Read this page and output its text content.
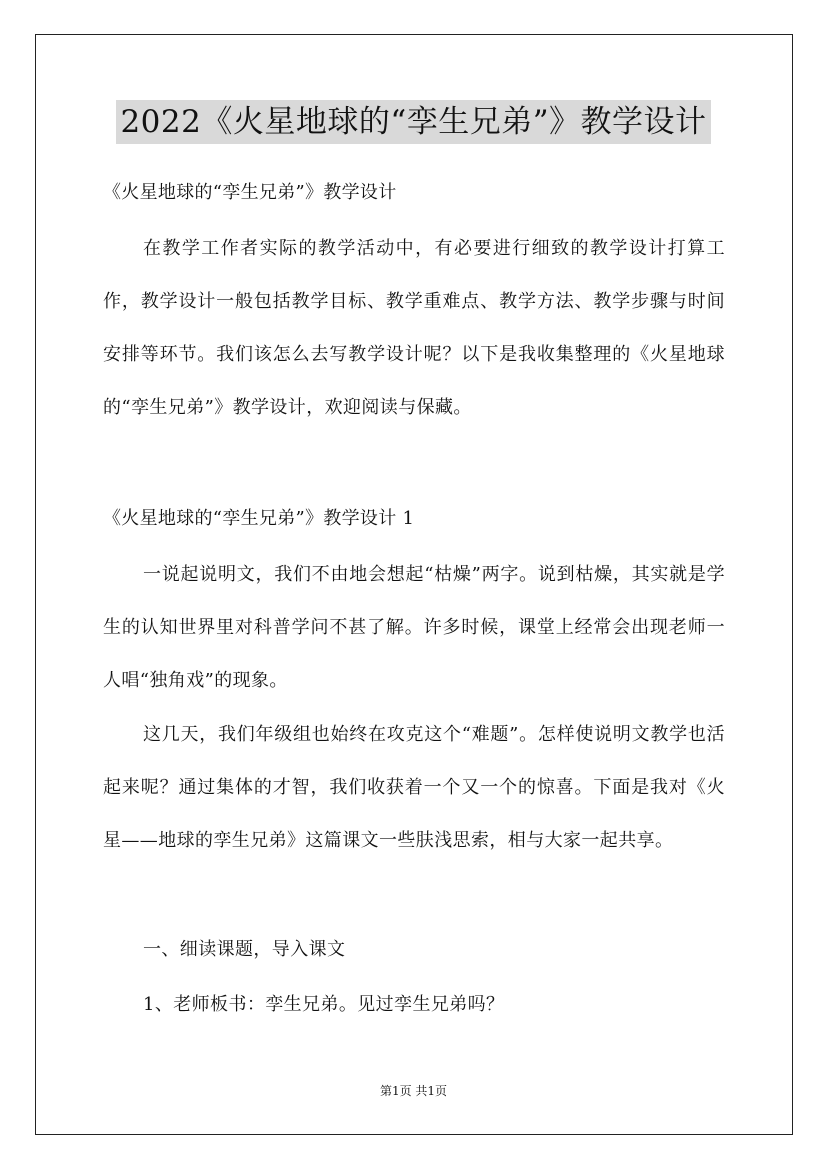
2022《火星地球的“孪生兄弟”》教学设计
《火星地球的“孪生兄弟”》教学设计

在教学工作者实际的教学活动中，有必要进行细致的教学设计打算工作，教学设计一般包括教学目标、教学重难点、教学方法、教学步骤与时间安排等环节。我们该怎么去写教学设计呢？以下是我收集整理的《火星地球的“孪生兄弟”》教学设计，欢迎阅读与保藏。

《火星地球的“孪生兄弟”》教学设计 1

一说起说明文，我们不由地会想起“枯燥”两字。说到枯燥，其实就是学生的认知世界里对科普学问不甚了解。许多时候，课堂上经常会出现老师一人唱“独角戏”的现象。

这几天，我们年级组也始终在攻克这个“难题”。怎样使说明文教学也活起来呢？通过集体的才智，我们收获着一个又一个的惊喜。下面是我对《火星——地球的孪生兄弟》这篇课文一些肤浅思索，相与大家一起共享。

一、细读课题，导入课文
1、老师板书：孪生兄弟。见过孪生兄弟吗？
第1页 共1页
